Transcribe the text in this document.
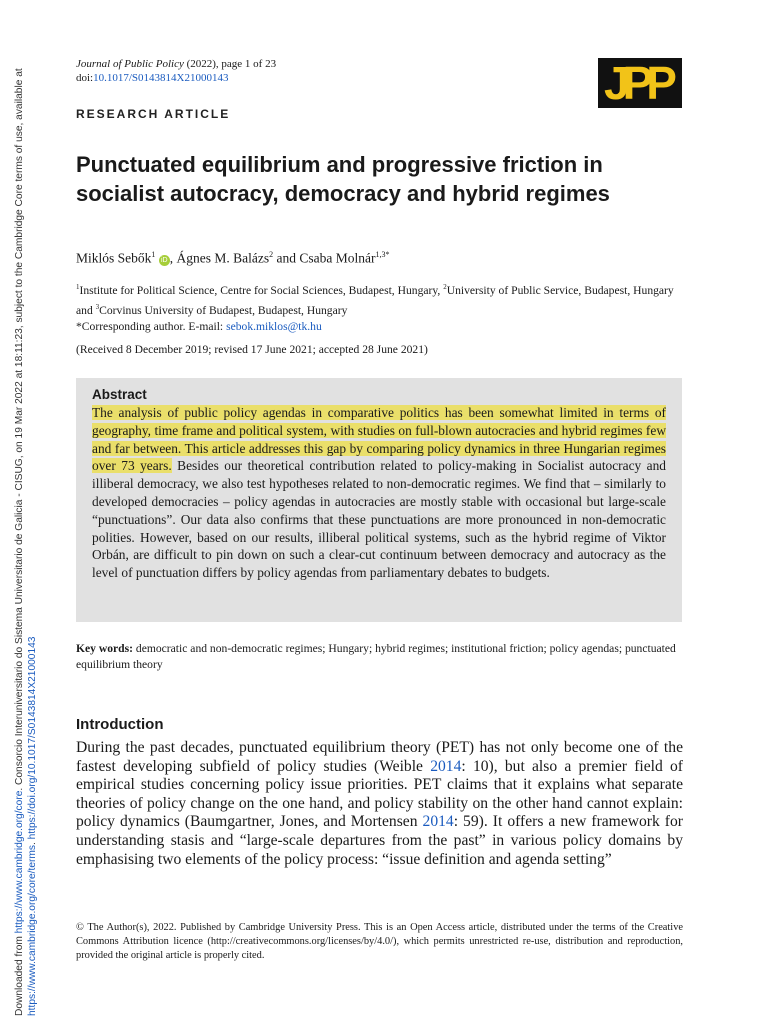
Downloaded from https://www.cambridge.org/core. Consorcio Interuniversitario do Sistema Universitario de Galicia - CISUG, on 19 Mar 2022 at 18:11:23, subject to the Cambridge Core terms of use, available at
https://www.cambridge.org/core/terms. https://doi.org/10.1017/S0143814X21000143
Journal of Public Policy (2022), page 1 of 23
doi:10.1017/S0143814X21000143	JPP
RESEARCH ARTICLE
Punctuated equilibrium and progressive friction in socialist autocracy, democracy and hybrid regimes
Miklós Sebők$^1$ iD , Ágnes M. Balázs$^2$ and Csaba Molnár$^{1,3*}$
$^1$Institute for Political Science, Centre for Social Sciences, Budapest, Hungary, $^2$University of Public Service, Budapest, Hungary and $^3$Corvinus University of Budapest, Budapest, Hungary
*Corresponding author. E-mail: sebok.miklos@tk.hu
(Received 8 December 2019; revised 17 June 2021; accepted 28 June 2021)
Abstract

The analysis of public policy agendas in comparative politics has been somewhat limited in terms of geography, time frame and political system, with studies on full-blown autocracies and hybrid regimes few and far between. This article addresses this gap by comparing policy dynamics in three Hungarian regimes over 73 years. Besides our theoretical contribution related to policy-making in Socialist autocracy and illiberal democracy, we also test hypotheses related to non-democratic regimes. We find that – similarly to developed democracies – policy agendas in autocracies are mostly stable with occasional but large-scale “punctuations”. Our data also confirms that these punctuations are more pronounced in non-democratic polities. However, based on our results, illiberal political systems, such as the hybrid regime of Viktor Orbán, are difficult to pin down on such a clear-cut continuum between democracy and autocracy as the level of punctuation differs by policy agendas from parliamentary debates to budgets.

Key words: democratic and non-democratic regimes; Hungary; hybrid regimes; institutional friction; policy agendas; punctuated equilibrium theory
Introduction

During the past decades, punctuated equilibrium theory (PET) has not only become one of the fastest developing subfield of policy studies (Weible 2014: 10), but also a premier field of empirical studies concerning policy issue priorities. PET claims that it explains what separate theories of policy change on the one hand, and policy stability on the other hand cannot explain: policy dynamics (Baumgartner, Jones, and Mortensen 2014: 59). It offers a new framework for understanding stasis and “large-scale departures from the past” in various policy domains by emphasising two elements of the policy process: “issue definition and agenda setting”

© The Author(s), 2022. Published by Cambridge University Press. This is an Open Access article, distributed under the terms of the Creative Commons Attribution licence (http://creativecommons.org/licenses/by/4.0/), which permits unrestricted re-use, distribution and reproduction, provided the original article is properly cited.
